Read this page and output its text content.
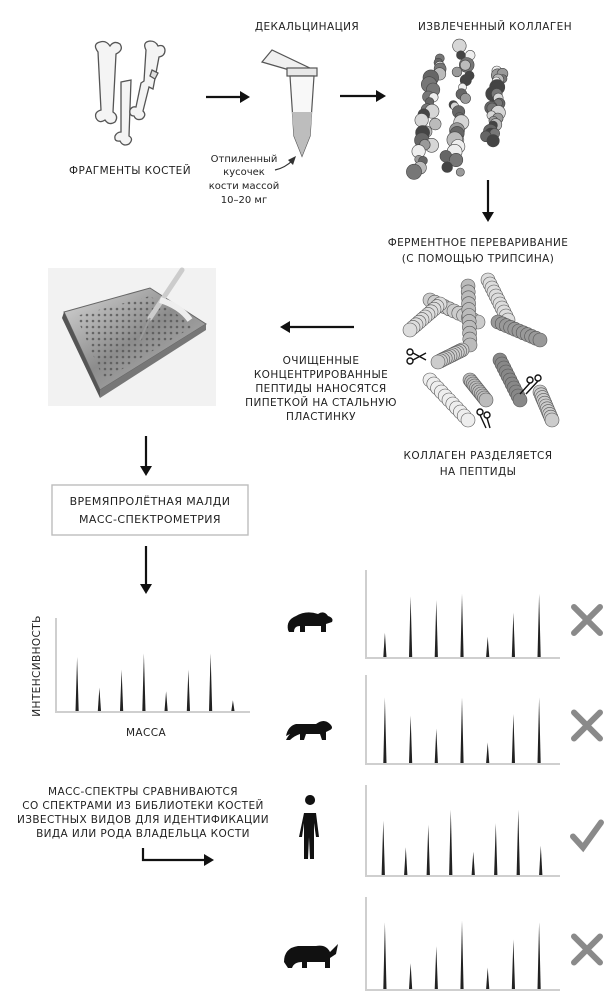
ФРАГМЕНТЫ КОСТЕЙ
ДЕКАЛЬЦИНАЦИЯ
Отпиленный
кусочек
кости массой
10–20 мг
ИЗВЛЕЧЕННЫЙ КОЛЛАГЕН
ФЕРМЕНТНОЕ ПЕРЕВАРИВАНИЕ
(С ПОМОЩЬЮ ТРИПСИНА)
ОЧИЩЕННЫЕ
КОНЦЕНТРИРОВАННЫЕ
ПЕПТИДЫ НАНОСЯТСЯ
ПИПЕТКОЙ НА СТАЛЬНУЮ
ПЛАСТИНКУ
КОЛЛАГЕН РАЗДЕЛЯЕТСЯ
НА ПЕПТИДЫ
ВРЕМЯПРОЛЁТНАЯ МАЛДИ
МАСС-СПЕКТРОМЕТРИЯ
ИНТЕНСИВНОСТЬ
МАССА
МАСС-СПЕКТРЫ СРАВНИВАЮТСЯ
СО СПЕКТРАМИ ИЗ БИБЛИОТЕКИ КОСТЕЙ
ИЗВЕСТНЫХ ВИДОВ ДЛЯ ИДЕНТИФИКАЦИИ
ВИДА ИЛИ РОДА ВЛАДЕЛЬЦА КОСТИ
